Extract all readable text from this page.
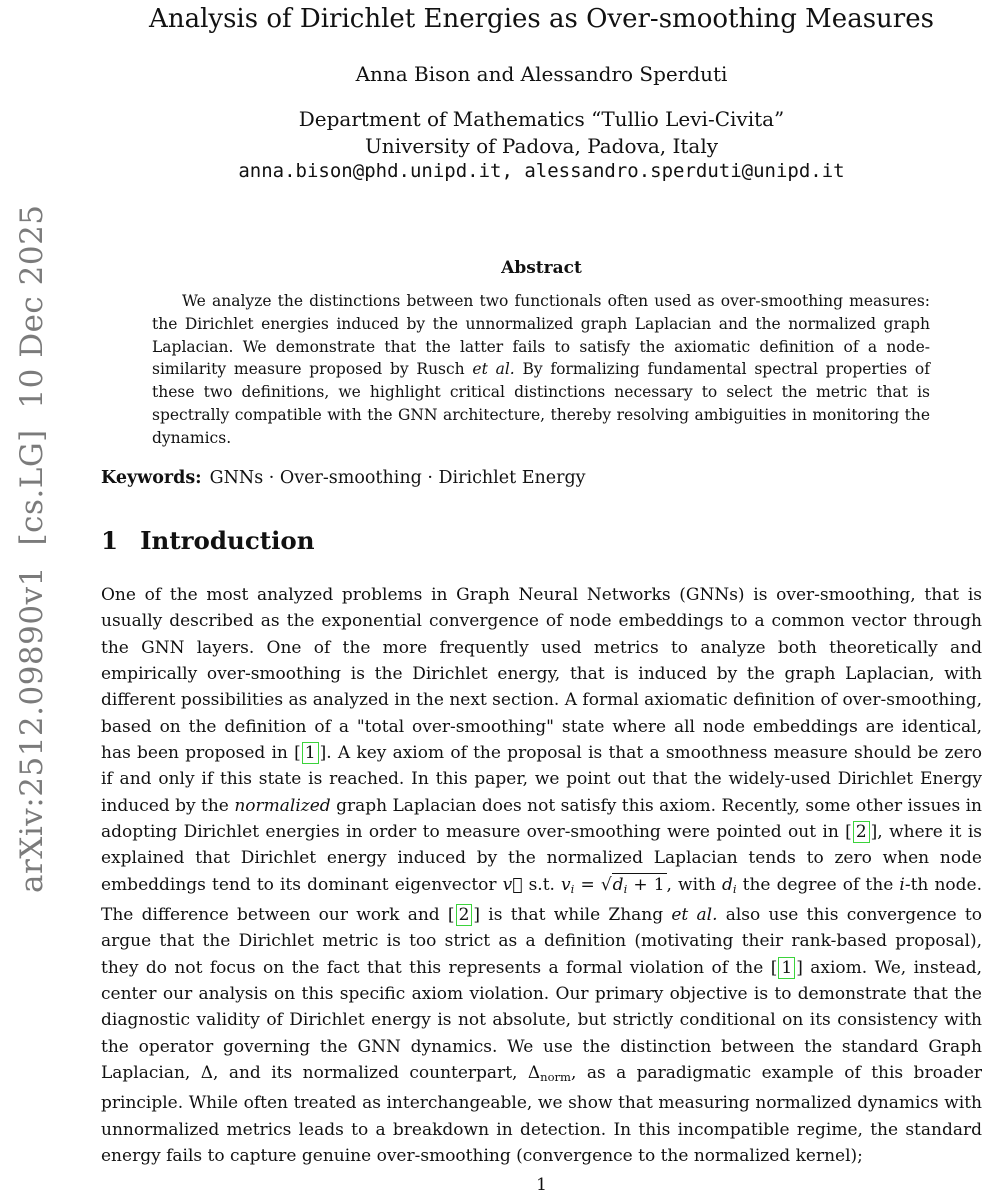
arXiv:2512.09890v1  [cs.LG]  10 Dec 2025
Analysis of Dirichlet Energies as Over-smoothing Measures
Anna Bison and Alessandro Sperduti
Department of Mathematics “Tullio Levi-Civita”
University of Padova, Padova, Italy
anna.bison@phd.unipd.it, alessandro.sperduti@unipd.it
Abstract

We analyze the distinctions between two functionals often used as over-smoothing measures: the Dirichlet energies induced by the unnormalized graph Laplacian and the normalized graph Laplacian. We demonstrate that the latter fails to satisfy the axiomatic definition of a node-similarity measure proposed by Rusch et al. By formalizing fundamental spectral properties of these two definitions, we highlight critical distinctions necessary to select the metric that is spectrally compatible with the GNN architecture, thereby resolving ambiguities in monitoring the dynamics.

Keywords: GNNs · Over-smoothing · Dirichlet Energy

1 Introduction

One of the most analyzed problems in Graph Neural Networks (GNNs) is over-smoothing, that is usually described as the exponential convergence of node embeddings to a common vector through the GNN layers. One of the more frequently used metrics to analyze both theoretically and empirically over-smoothing is the Dirichlet energy, that is induced by the graph Laplacian, with different possibilities as analyzed in the next section. A formal axiomatic definition of over-smoothing, based on the definition of a "total over-smoothing" state where all node embeddings are identical, has been proposed in [ 1 ]. A key axiom of the proposal is that a smoothness measure should be zero if and only if this state is reached. In this paper, we point out that the widely-used Dirichlet Energy induced by the normalized graph Laplacian does not satisfy this axiom. Recently, some other issues in adopting Dirichlet energies in order to measure over-smoothing were pointed out in [ 2 ], where it is explained that Dirichlet energy induced by the normalized Laplacian tends to zero when node embeddings tend to its dominant eigenvector v⃗ s.t. vi = √di + 1 , with di the degree of the i-th node. The difference between our work and [ 2 ] is that while Zhang et al. also use this convergence to argue that the Dirichlet metric is too strict as a definition (motivating their rank-based proposal), they do not focus on the fact that this represents a formal violation of the [ 1 ] axiom. We, instead, center our analysis on this specific axiom violation. Our primary objective is to demonstrate that the diagnostic validity of Dirichlet energy is not absolute, but strictly conditional on its consistency with the operator governing the GNN dynamics. We use the distinction between the standard Graph Laplacian, Δ, and its normalized counterpart, Δnorm, as a paradigmatic example of this broader principle. While often treated as interchangeable, we show that measuring normalized dynamics with unnormalized metrics leads to a breakdown in detection. In this incompatible regime, the standard energy fails to capture genuine over-smoothing (convergence to the normalized kernel);

1
